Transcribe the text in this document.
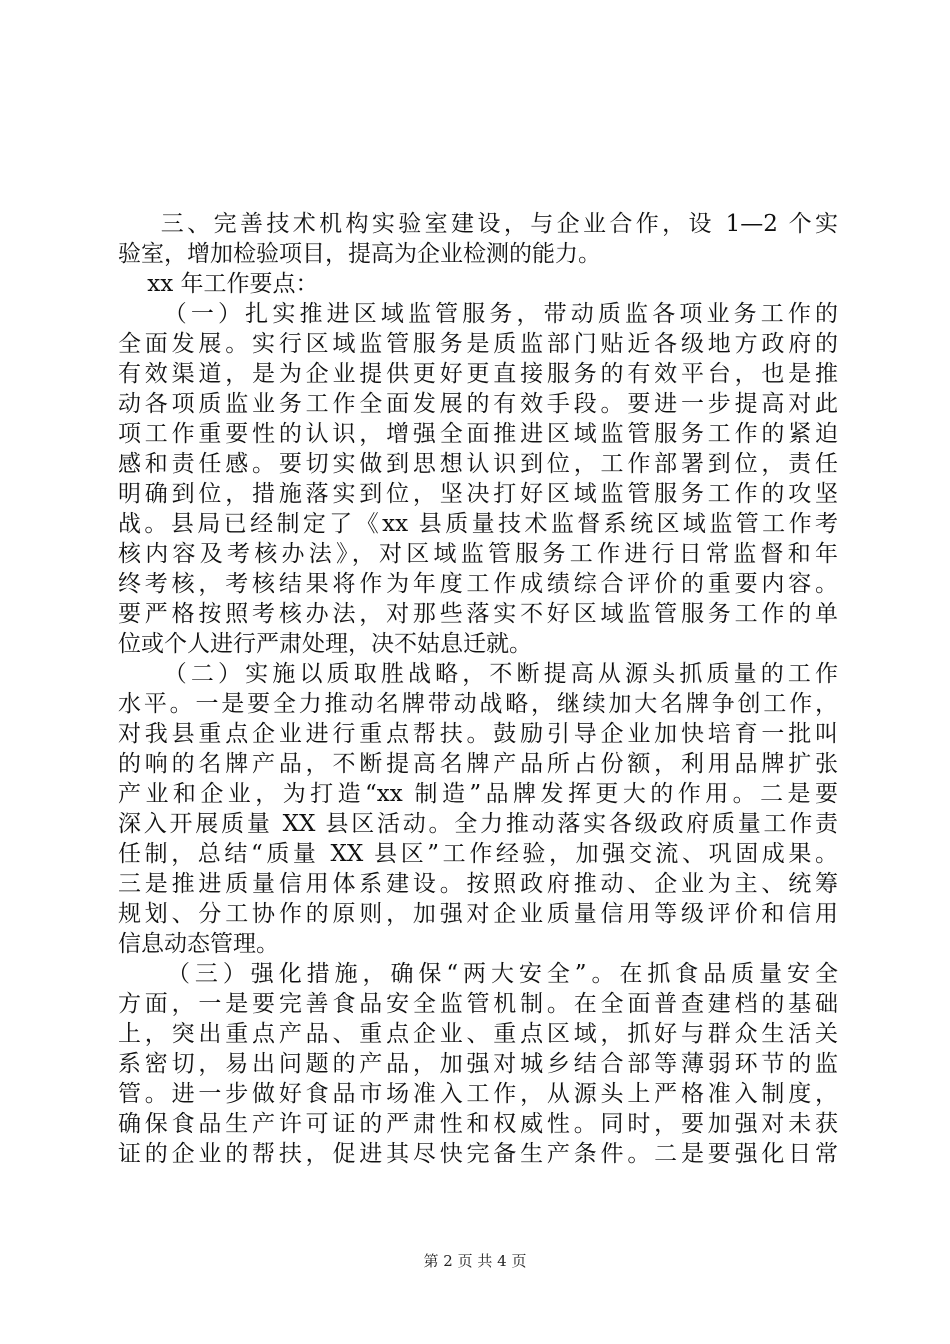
三、完善技术机构实验室建设，与企业合作，设 1—2 个实
验室，增加检验项目，提高为企业检测的能力。
xx 年工作要点：
（一）扎实推进区域监管服务，带动质监各项业务工作的
全面发展。实行区域监管服务是质监部门贴近各级地方政府的
有效渠道，是为企业提供更好更直接服务的有效平台，也是推
动各项质监业务工作全面发展的有效手段。要进一步提高对此
项工作重要性的认识，增强全面推进区域监管服务工作的紧迫
感和责任感。要切实做到思想认识到位，工作部署到位，责任
明确到位，措施落实到位，坚决打好区域监管服务工作的攻坚
战。县局已经制定了《xx 县质量技术监督系统区域监管工作考
核内容及考核办法》，对区域监管服务工作进行日常监督和年
终考核，考核结果将作为年度工作成绩综合评价的重要内容。
要严格按照考核办法，对那些落实不好区域监管服务工作的单
位或个人进行严肃处理，决不姑息迁就。
（二）实施以质取胜战略，不断提高从源头抓质量的工作
水平。一是要全力推动名牌带动战略，继续加大名牌争创工作，
对我县重点企业进行重点帮扶。鼓励引导企业加快培育一批叫
的响的名牌产品，不断提高名牌产品所占份额，利用品牌扩张
产业和企业，为打造“xx 制造”品牌发挥更大的作用。二是要
深入开展质量 XX 县区活动。全力推动落实各级政府质量工作责
任制，总结“质量 XX 县区”工作经验，加强交流、巩固成果。
三是推进质量信用体系建设。按照政府推动、企业为主、统筹
规划、分工协作的原则，加强对企业质量信用等级评价和信用
信息动态管理。
（三）强化措施，确保“两大安全”。在抓食品质量安全
方面，一是要完善食品安全监管机制。在全面普查建档的基础
上，突出重点产品、重点企业、重点区域，抓好与群众生活关
系密切，易出问题的产品，加强对城乡结合部等薄弱环节的监
管。进一步做好食品市场准入工作，从源头上严格准入制度，
确保食品生产许可证的严肃性和权威性。同时，要加强对未获
证的企业的帮扶，促进其尽快完备生产条件。二是要强化日常
第 2 页 共 4 页
